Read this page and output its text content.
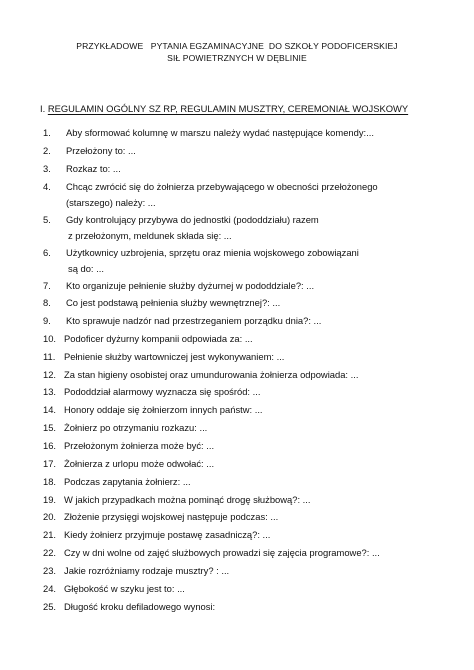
PRZYKŁADOWE   PYTANIA EGZAMINACYJNE  DO SZKOŁY PODOFICERSKIEJ
SIŁ POWIETRZNYCH W DĘBLINIE
I. REGULAMIN OGÓLNY SZ RP, REGULAMIN MUSZTRY, CEREMONIAŁ WOJSKOWY
1. Aby sformować kolumnę w marszu należy wydać następujące komendy:...
2. Przełożony to: ...
3. Rozkaz to: ...
4. Chcąc zwrócić się do żołnierza przebywającego w obecności przełożonego
(starszego) należy: ...
5. Gdy kontrolujący przybywa do jednostki (pododdziału) razem
z przełożonym, meldunek składa się: ...
6. Użytkownicy uzbrojenia, sprzętu oraz mienia wojskowego zobowiązani
są do: ...
7. Kto organizuje pełnienie służby dyżurnej w pododdziale?: ...
8. Co jest podstawą pełnienia służby wewnętrznej?: ...
9. Kto sprawuje nadzór nad przestrzeganiem porządku dnia?: ...
10. Podoficer dyżurny kompanii odpowiada za: ...
11. Pełnienie służby wartowniczej jest wykonywaniem: ...
12. Za stan higieny osobistej oraz umundurowania żołnierza odpowiada: ...
13. Pododdział alarmowy wyznacza się spośród: ...
14. Honory oddaje się żołnierzom innych państw: ...
15. Żołnierz po otrzymaniu rozkazu: ...
16. Przełożonym żołnierza może być: ...
17. Żołnierza z urlopu może odwołać: ...
18. Podczas zapytania żołnierz: ...
19. W jakich przypadkach można pominąć drogę służbową?: ...
20. Złożenie przysięgi wojskowej następuje podczas: ...
21. Kiedy żołnierz przyjmuje postawę zasadniczą?: ...
22. Czy w dni wolne od zajęć służbowych prowadzi się zajęcia programowe?: ...
23. Jakie rozróżniamy rodzaje musztry? : ...
24. Głębokość w szyku jest to: ...
25. Długość kroku defiladowego wynosi:
